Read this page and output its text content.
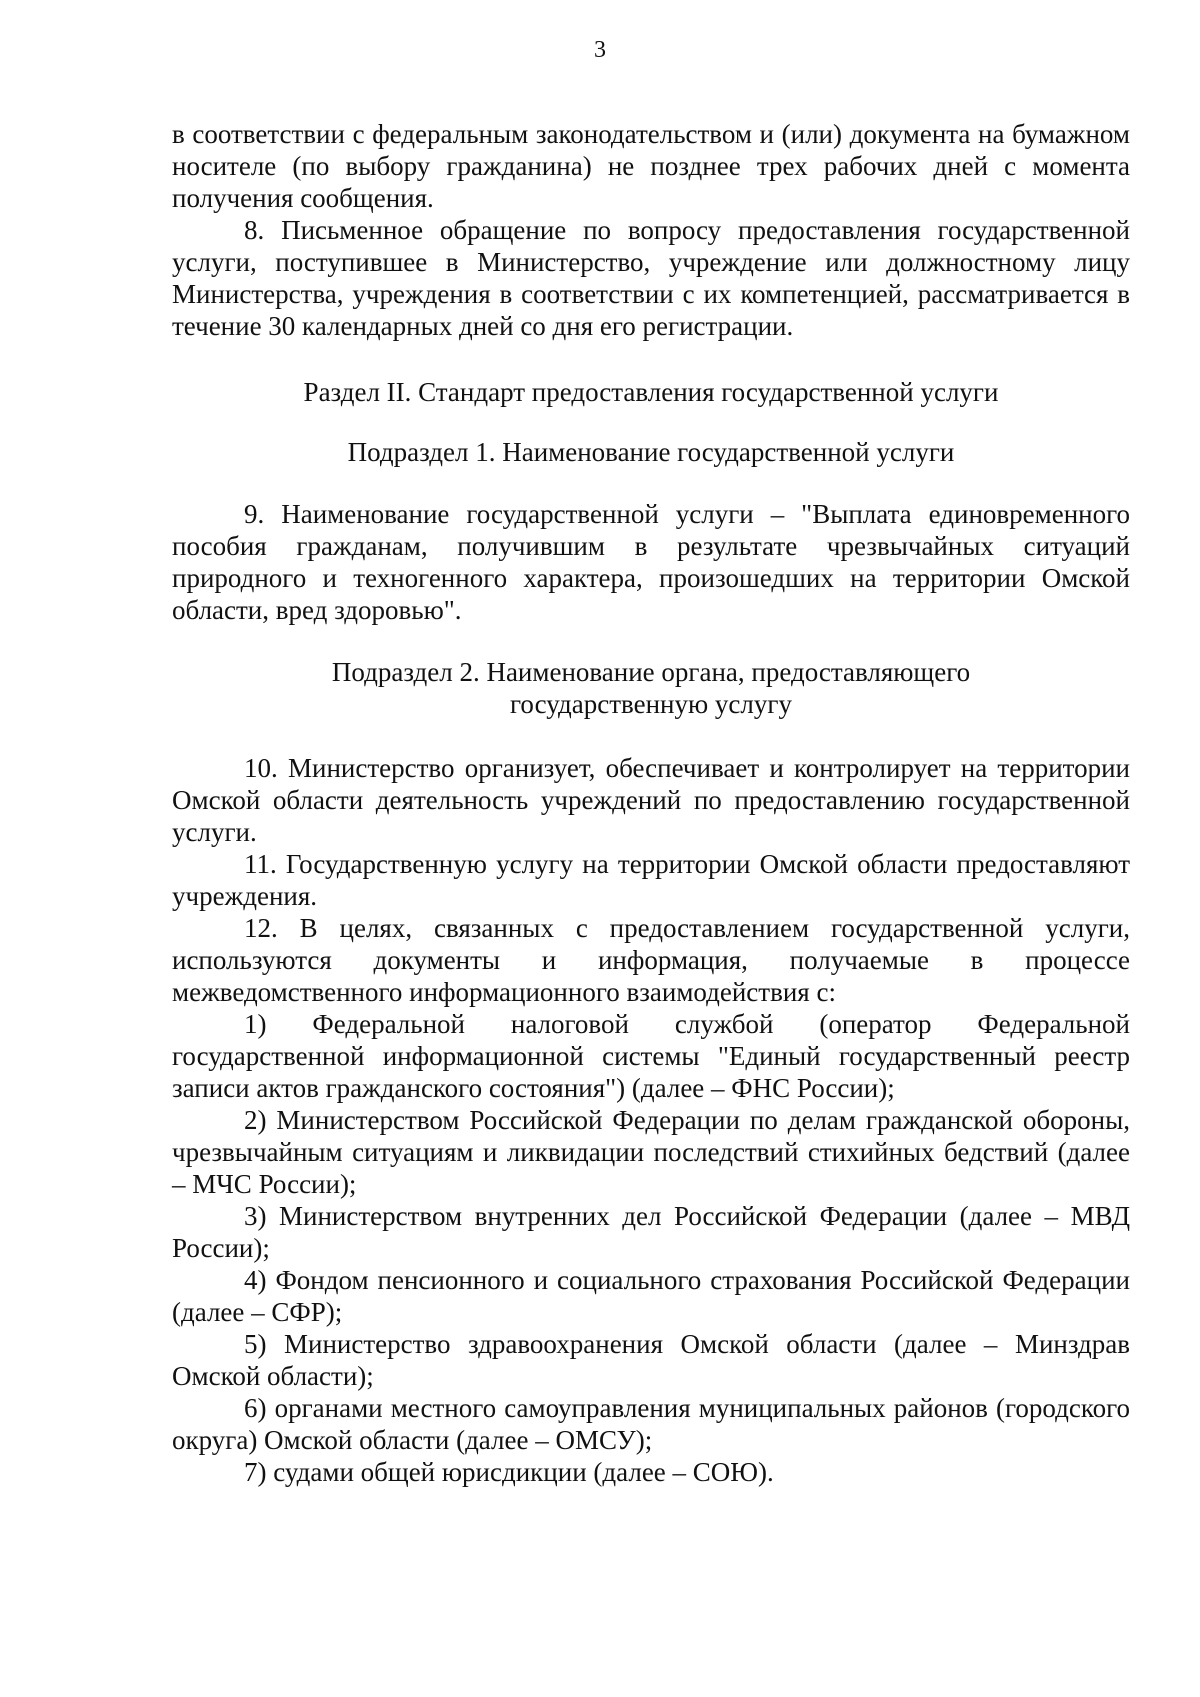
3

в соответствии с федеральным законодательством и (или) документа на бумажном носителе (по выбору гражданина) не позднее трех рабочих дней с момента получения сообщения.

8. Письменное обращение по вопросу предоставления государственной услуги, поступившее в Министерство, учреждение или должностному лицу Министерства, учреждения в соответствии с их компетенцией, рассматривается в течение 30 календарных дней со дня его регистрации.

Раздел II. Стандарт предоставления государственной услуги

Подраздел 1. Наименование государственной услуги

9. Наименование государственной услуги – "Выплата единовременного пособия гражданам, получившим в результате чрезвычайных ситуаций природного и техногенного характера, произошедших на территории Омской области, вред здоровью".

Подраздел 2. Наименование органа, предоставляющего

государственную услугу

10. Министерство организует, обеспечивает и контролирует на территории Омской области деятельность учреждений по предоставлению государственной услуги.

11. Государственную услугу на территории Омской области предоставляют учреждения.

12. В целях, связанных с предоставлением государственной услуги, используются документы и информация, получаемые в процессе межведомственного информационного взаимодействия с:

1) Федеральной налоговой службой (оператор Федеральной государственной информационной системы "Единый государственный реестр записи актов гражданского состояния") (далее – ФНС России);

2) Министерством Российской Федерации по делам гражданской обороны, чрезвычайным ситуациям и ликвидации последствий стихийных бедствий (далее – МЧС России);

3) Министерством внутренних дел Российской Федерации (далее – МВД России);

4) Фондом пенсионного и социального страхования Российской Федерации (далее – СФР);

5) Министерство здравоохранения Омской области (далее – Минздрав Омской области);

6) органами местного самоуправления муниципальных районов (городского округа) Омской области (далее – ОМСУ);

7) судами общей юрисдикции (далее – СОЮ).
